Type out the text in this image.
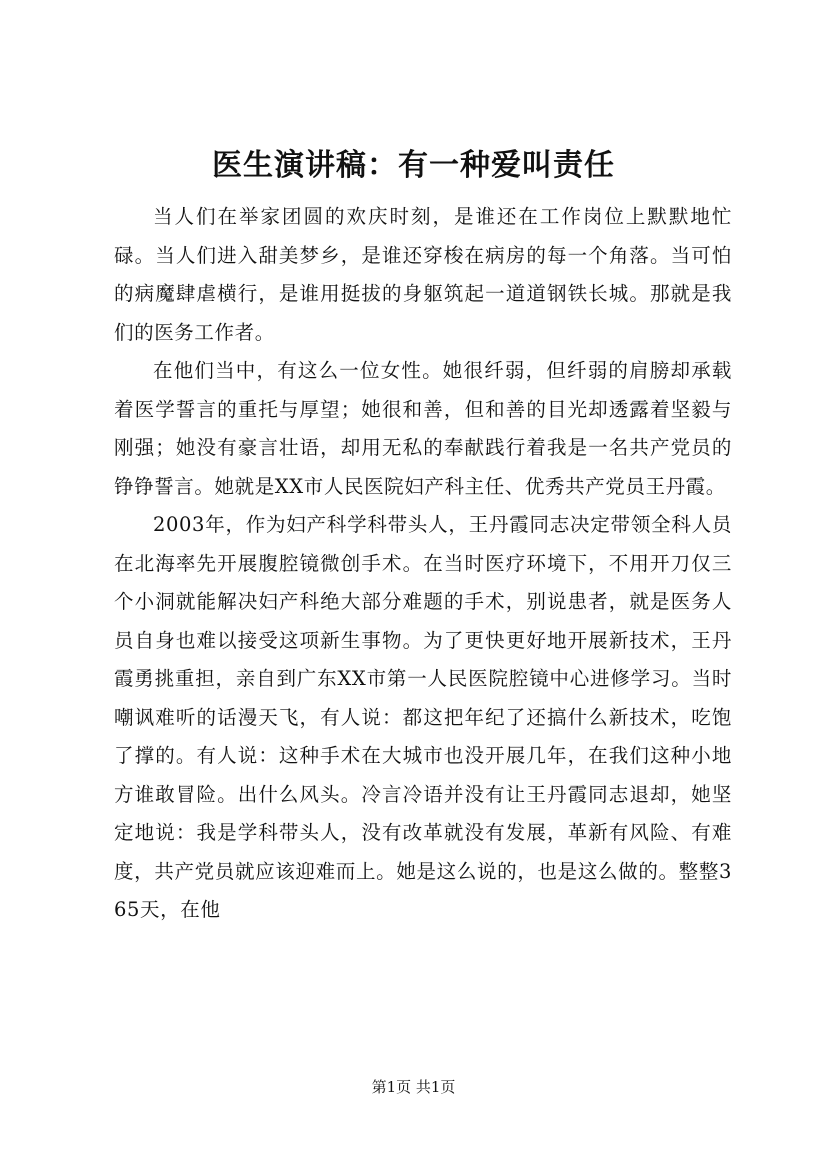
医生演讲稿：有一种爱叫责任

当人们在举家团圆的欢庆时刻，是谁还在工作岗位上默默地忙碌。当人们进入甜美梦乡，是谁还穿梭在病房的每一个角落。当可怕的病魔肆虐横行，是谁用挺拔的身躯筑起一道道钢铁长城。那就是我们的医务工作者。

在他们当中，有这么一位女性。她很纤弱，但纤弱的肩膀却承载着医学誓言的重托与厚望；她很和善，但和善的目光却透露着坚毅与刚强；她没有豪言壮语，却用无私的奉献践行着我是一名共产党员的铮铮誓言。她就是XX市人民医院妇产科主任、优秀共产党员王丹霞。

2003年，作为妇产科学科带头人，王丹霞同志决定带领全科人员在北海率先开展腹腔镜微创手术。在当时医疗环境下，不用开刀仅三个小洞就能解决妇产科绝大部分难题的手术，别说患者，就是医务人员自身也难以接受这项新生事物。为了更快更好地开展新技术，王丹霞勇挑重担，亲自到广东XX市第一人民医院腔镜中心进修学习。当时嘲讽难听的话漫天飞，有人说：都这把年纪了还搞什么新技术，吃饱了撑的。有人说：这种手术在大城市也没开展几年，在我们这种小地方谁敢冒险。出什么风头。冷言冷语并没有让王丹霞同志退却，她坚定地说：我是学科带头人，没有改革就没有发展，革新有风险、有难度，共产党员就应该迎难而上。她是这么说的，也是这么做的。整整365天，在他

第1页 共1页
